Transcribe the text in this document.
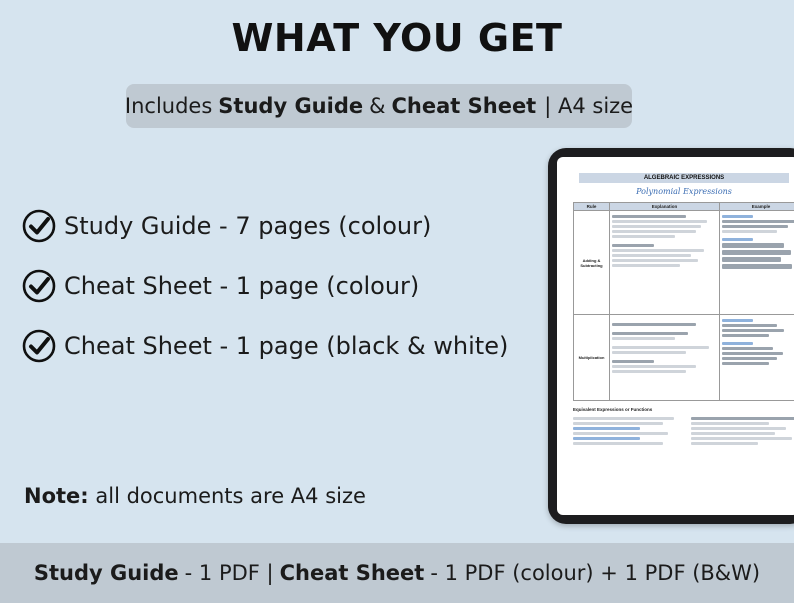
WHAT YOU GET
Includes Study Guide & Cheat Sheet | A4 size
Study Guide - 7 pages (colour)
Cheat Sheet - 1 page (colour)
Cheat Sheet - 1 page (black & white)
Note: all documents are A4 size
ALGEBRAIC EXPRESSIONS
Polynomial Expressions
Rule	Explanation	Example
Adding & Subtracting	

Multiplication	

Equivalent Expressions or Functions
Study Guide - 1 PDF | Cheat Sheet - 1 PDF (colour) + 1 PDF (B&W)
